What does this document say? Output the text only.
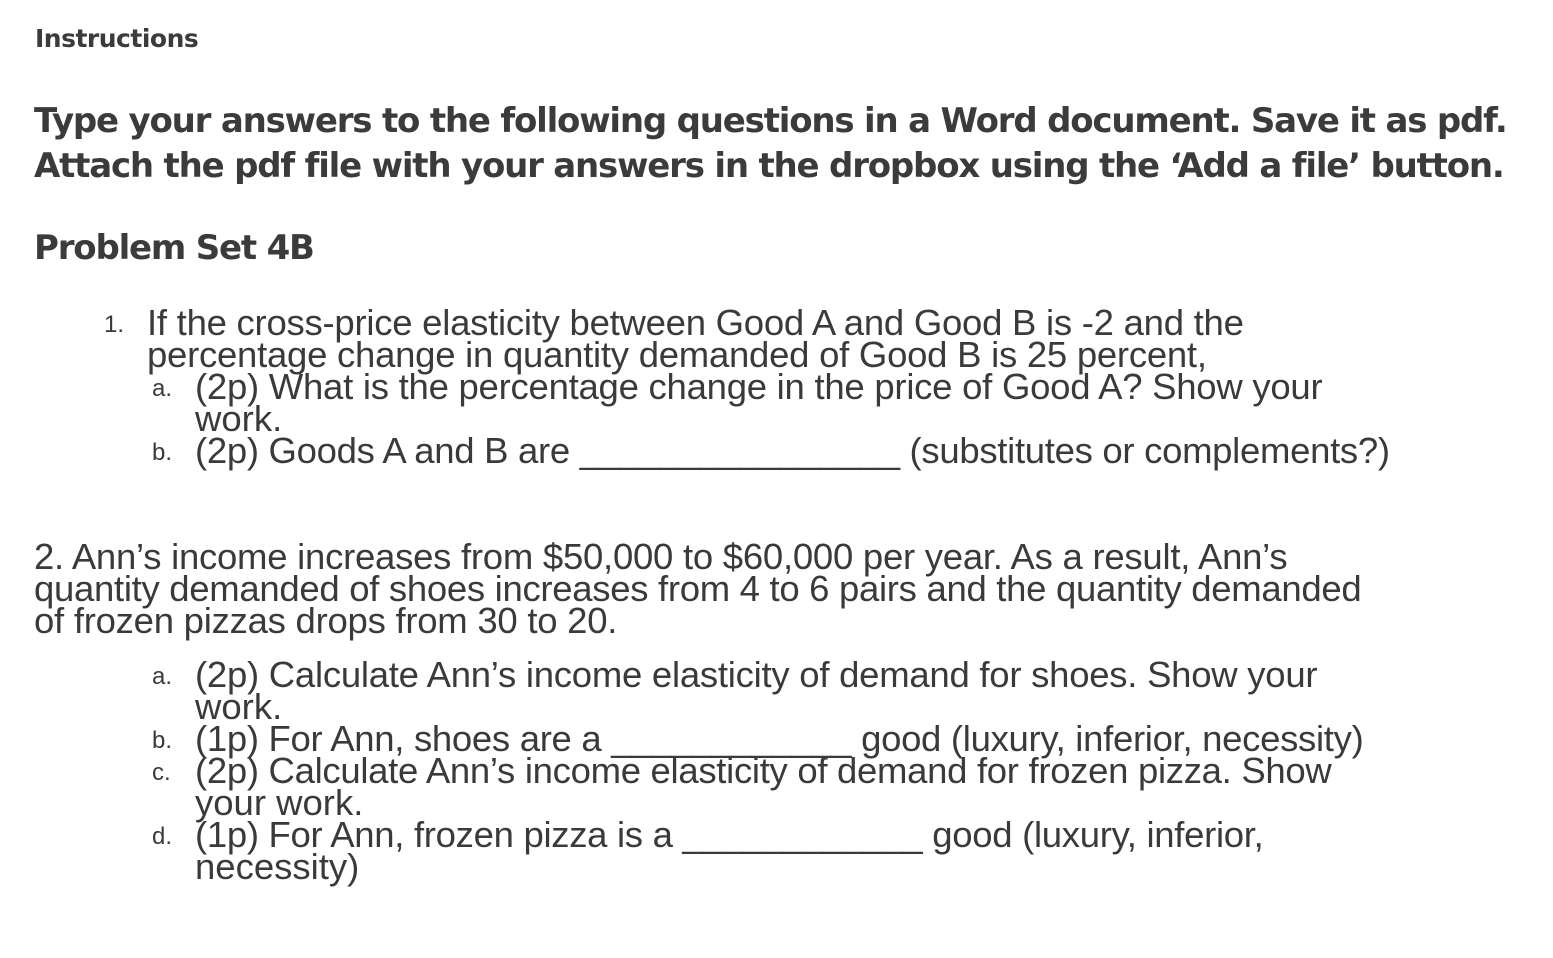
Instructions
Type your answers to the following questions in a Word document. Save it as pdf.
Attach the pdf file with your answers in the dropbox using the ‘Add a file’ button.
Problem Set 4B
1. If the cross-price elasticity between Good A and Good B is -2 and the
percentage change in quantity demanded of Good B is 25 percent,
a. (2p) What is the percentage change in the price of Good A? Show your
work.
b. (2p) Goods A and B are ________________ (substitutes or complements?)
2. Ann’s income increases from $50,000 to $60,000 per year. As a result, Ann’s
quantity demanded of shoes increases from 4 to 6 pairs and the quantity demanded
of frozen pizzas drops from 30 to 20.
a. (2p) Calculate Ann’s income elasticity of demand for shoes. Show your
work.
b. (1p) For Ann, shoes are a ____________ good (luxury, inferior, necessity)
c. (2p) Calculate Ann’s income elasticity of demand for frozen pizza. Show
your work.
d. (1p) For Ann, frozen pizza is a ____________ good (luxury, inferior,
necessity)
